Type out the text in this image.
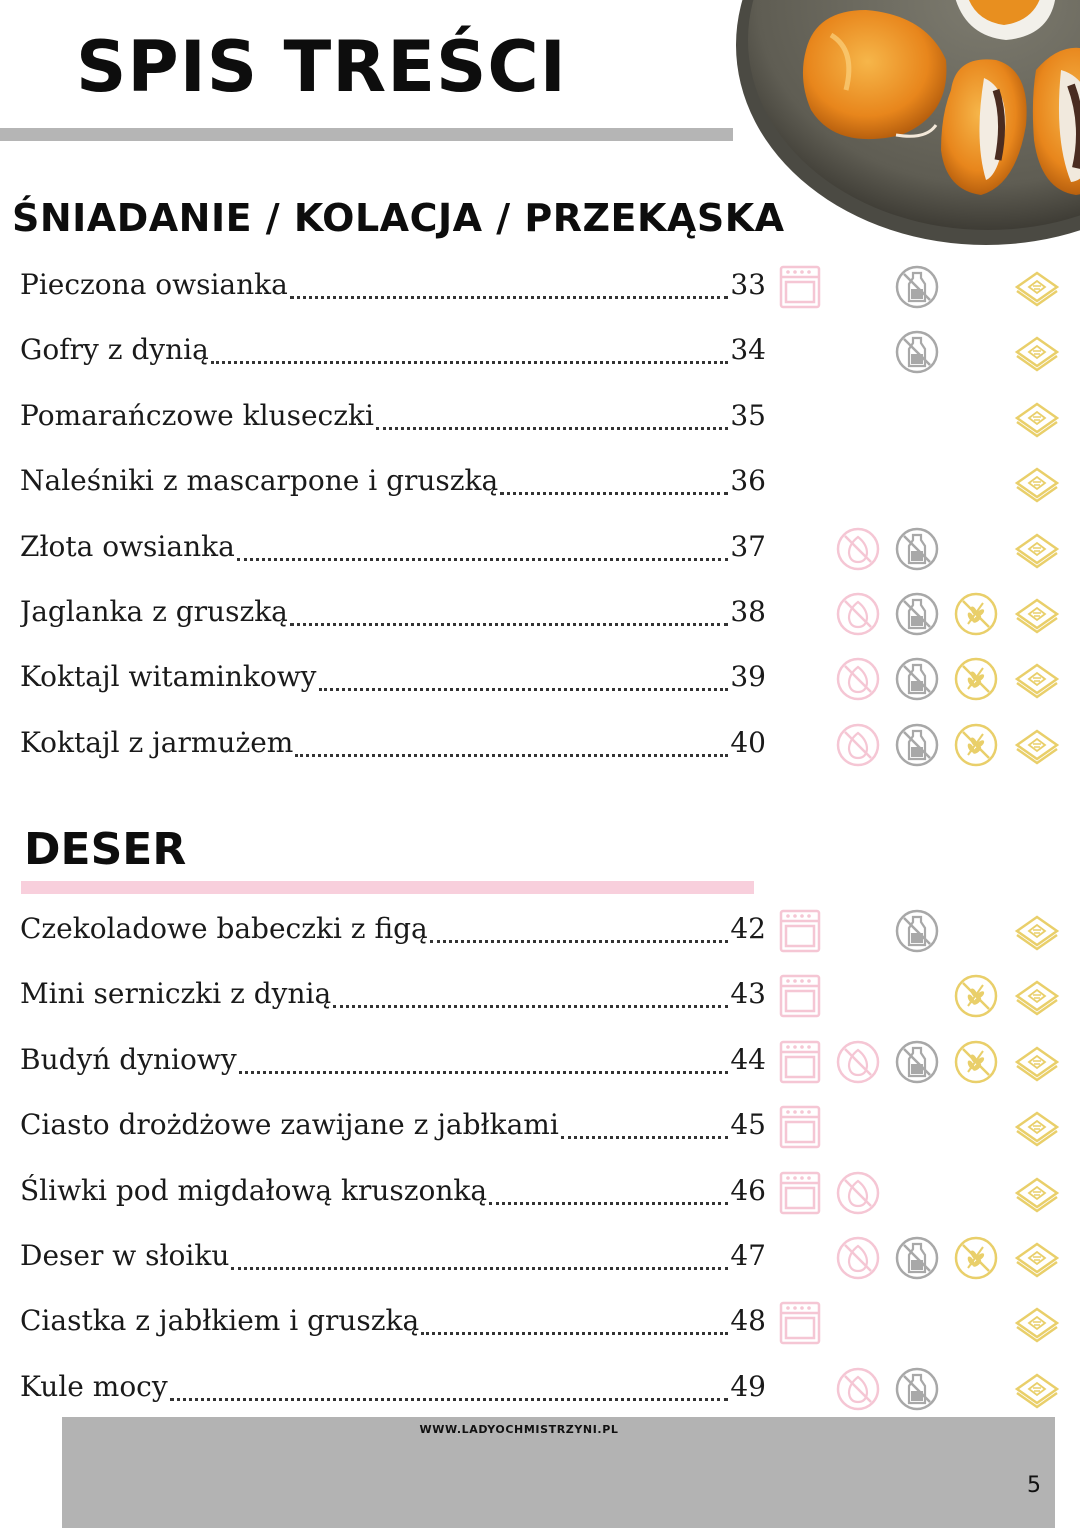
SPIS TREŚCI
ŚNIADANIE / KOLACJA / PRZEKĄSKA
Pieczona owsianka	33
Gofry z dynią	34
Pomarańczowe kluseczki	35
Naleśniki z mascarpone i gruszką	36
Złota owsianka	37
Jaglanka z gruszką	38
Koktajl witaminkowy	39
Koktajl z jarmużem	40
DESER
Czekoladowe babeczki z figą	42
Mini serniczki z dynią	43
Budyń dyniowy	44
Ciasto drożdżowe zawijane z jabłkami	45
Śliwki pod migdałową kruszonką	46
Deser w słoiku	47
Ciastka z jabłkiem i gruszką	48
Kule mocy	49
WWW.LADYOCHMISTRZYNI.PL
5
